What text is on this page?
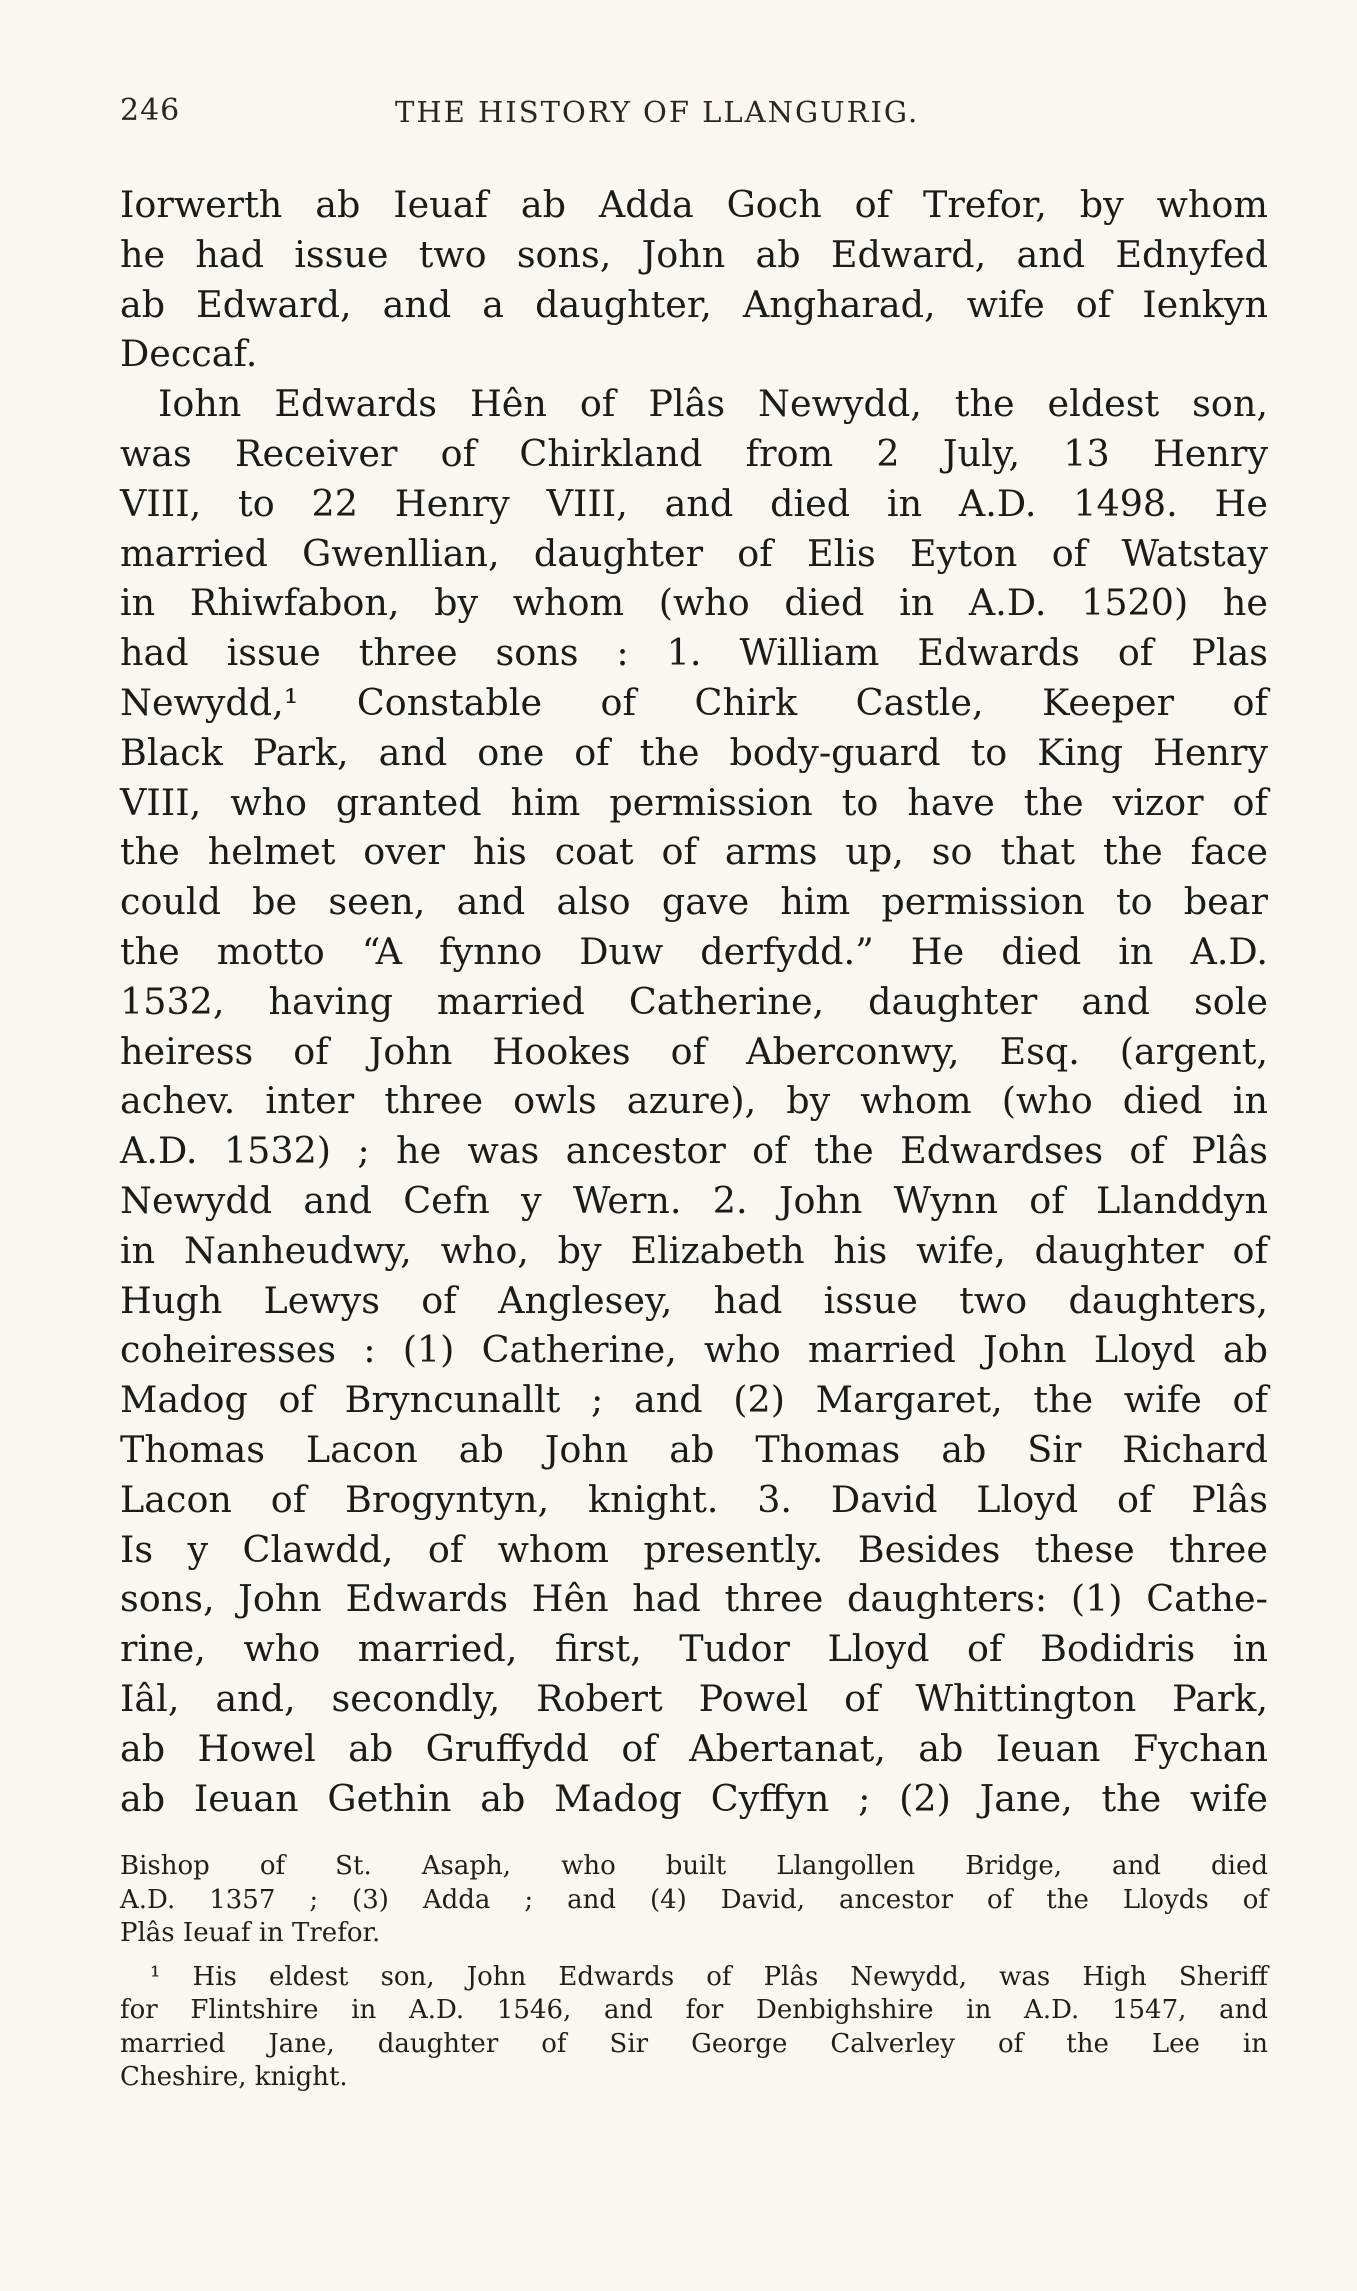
246	THE HISTORY OF LLANGURIG.
Iorwerth ab Ieuaf ab Adda Goch of Trefor, by whom
he had issue two sons, John ab Edward, and Ednyfed
ab Edward, and a daughter, Angharad, wife of Ienkyn
Deccaf.
Iohn Edwards Hên of Plâs Newydd, the eldest son,
was Receiver of Chirkland from 2 July, 13 Henry
VIII, to 22 Henry VIII, and died in A.D. 1498. He
married Gwenllian, daughter of Elis Eyton of Watstay
in Rhiwfabon, by whom (who died in A.D. 1520) he
had issue three sons : 1. William Edwards of Plas
Newydd,¹ Constable of Chirk Castle, Keeper of
Black Park, and one of the body-guard to King Henry
VIII, who granted him permission to have the vizor of
the helmet over his coat of arms up, so that the face
could be seen, and also gave him permission to bear
the motto “A fynno Duw derfydd.” He died in A.D.
1532, having married Catherine, daughter and sole
heiress of John Hookes of Aberconwy, Esq. (argent,
achev. inter three owls azure), by whom (who died in
A.D. 1532) ; he was ancestor of the Edwardses of Plâs
Newydd and Cefn y Wern. 2. John Wynn of Llanddyn
in Nanheudwy, who, by Elizabeth his wife, daughter of
Hugh Lewys of Anglesey, had issue two daughters,
coheiresses : (1) Catherine, who married John Lloyd ab
Madog of Bryncunallt ; and (2) Margaret, the wife of
Thomas Lacon ab John ab Thomas ab Sir Richard
Lacon of Brogyntyn, knight. 3. David Lloyd of Plâs
Is y Clawdd, of whom presently. Besides these three
sons, John Edwards Hên had three daughters: (1) Cathe-
rine, who married, first, Tudor Lloyd of Bodidris in
Iâl, and, secondly, Robert Powel of Whittington Park,
ab Howel ab Gruffydd of Abertanat, ab Ieuan Fychan
ab Ieuan Gethin ab Madog Cyffyn ; (2) Jane, the wife
Bishop of St. Asaph, who built Llangollen Bridge, and died
A.D. 1357 ; (3) Adda ; and (4) David, ancestor of the Lloyds of
Plâs Ieuaf in Trefor.
¹ His eldest son, John Edwards of Plâs Newydd, was High Sheriff
for Flintshire in A.D. 1546, and for Denbighshire in A.D. 1547, and
married Jane, daughter of Sir George Calverley of the Lee in
Cheshire, knight.
